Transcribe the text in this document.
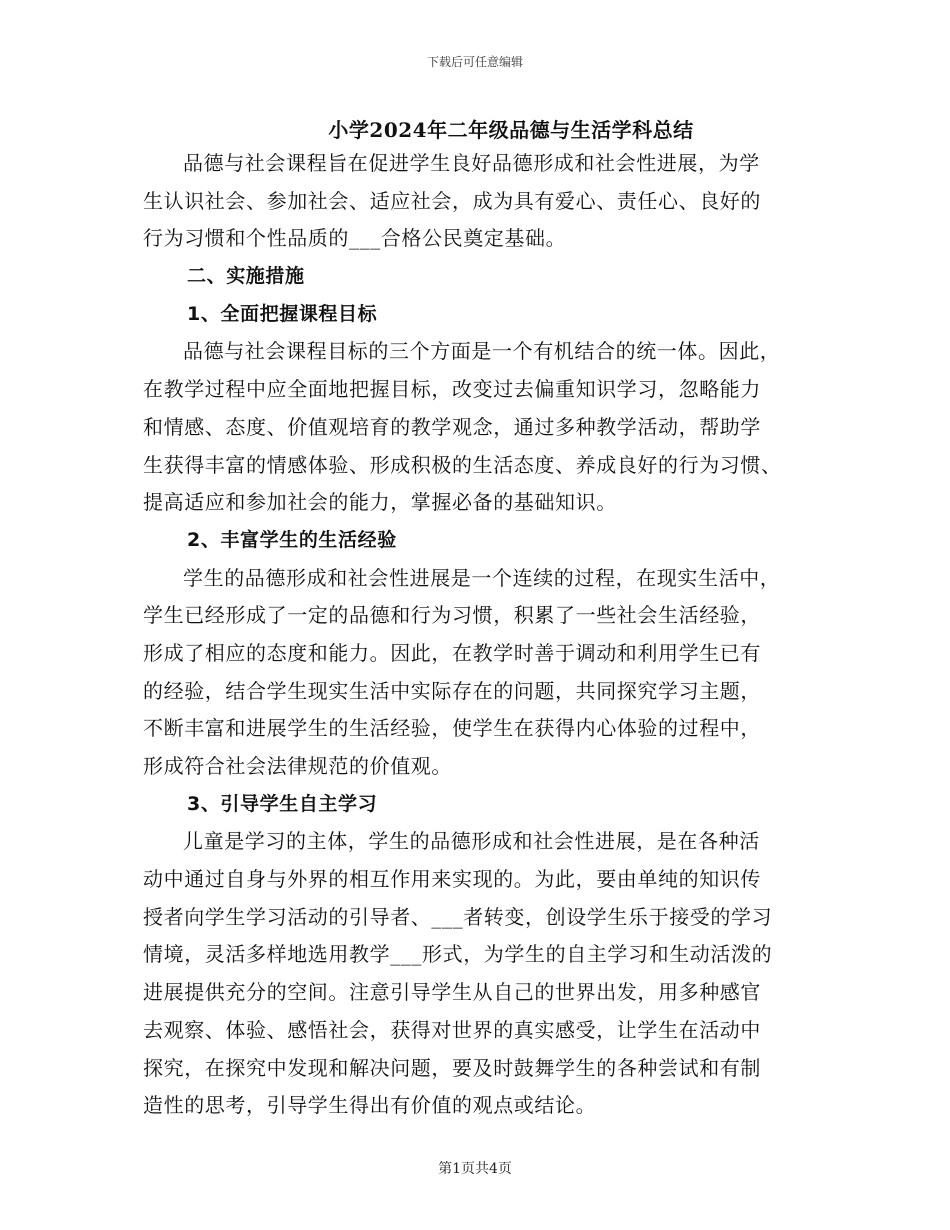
下载后可任意编辑
小学2024年二年级品德与生活学科总结
品德与社会课程旨在促进学生良好品德形成和社会性进展，为学
生认识社会、参加社会、适应社会，成为具有爱心、责任心、良好的
行为习惯和个性品质的___合格公民奠定基础。
二、实施措施
1、全面把握课程目标
品德与社会课程目标的三个方面是一个有机结合的统一体。因此，
在教学过程中应全面地把握目标，改变过去偏重知识学习，忽略能力
和情感、态度、价值观培育的教学观念，通过多种教学活动，帮助学
生获得丰富的情感体验、形成积极的生活态度、养成良好的行为习惯、
提高适应和参加社会的能力，掌握必备的基础知识。
2、丰富学生的生活经验
学生的品德形成和社会性进展是一个连续的过程，在现实生活中，
学生已经形成了一定的品德和行为习惯，积累了一些社会生活经验，
形成了相应的态度和能力。因此，在教学时善于调动和利用学生已有
的经验，结合学生现实生活中实际存在的问题，共同探究学习主题，
不断丰富和进展学生的生活经验，使学生在获得内心体验的过程中，
形成符合社会法律规范的价值观。
3、引导学生自主学习
儿童是学习的主体，学生的品德形成和社会性进展，是在各种活
动中通过自身与外界的相互作用来实现的。为此，要由单纯的知识传
授者向学生学习活动的引导者、___者转变，创设学生乐于接受的学习
情境，灵活多样地选用教学___形式，为学生的自主学习和生动活泼的
进展提供充分的空间。注意引导学生从自己的世界出发，用多种感官
去观察、体验、感悟社会，获得对世界的真实感受，让学生在活动中
探究，在探究中发现和解决问题，要及时鼓舞学生的各种尝试和有制
造性的思考，引导学生得出有价值的观点或结论。
第1页共4页
